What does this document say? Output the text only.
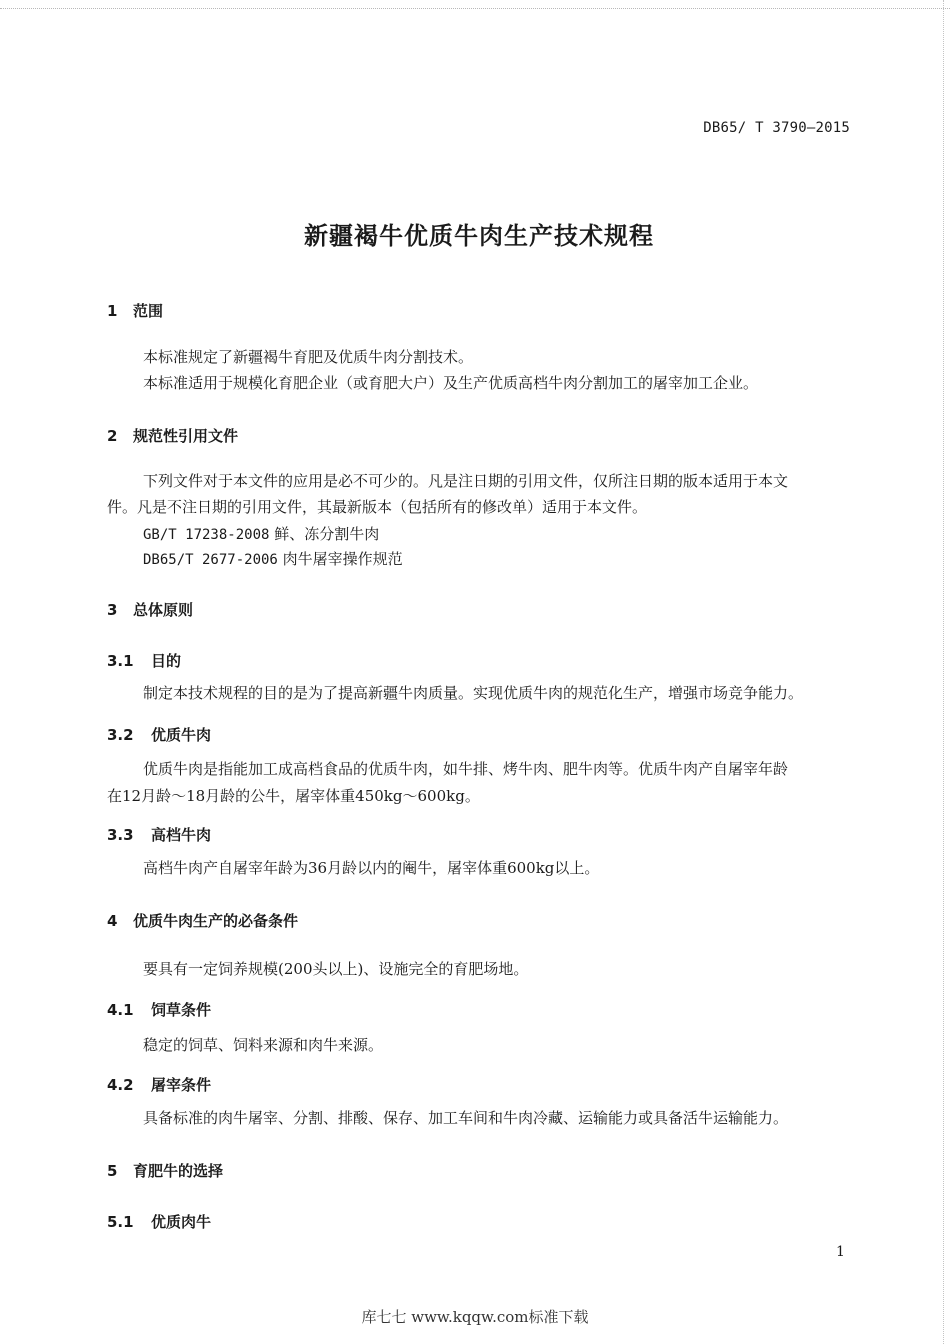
DB65/ T 3790—2015
新疆褐牛优质牛肉生产技术规程
1 范围
本标准规定了新疆褐牛育肥及优质牛肉分割技术。
本标准适用于规模化育肥企业（或育肥大户）及生产优质高档牛肉分割加工的屠宰加工企业。
2 规范性引用文件
下列文件对于本文件的应用是必不可少的。凡是注日期的引用文件，仅所注日期的版本适用于本文
件。凡是不注日期的引用文件，其最新版本（包括所有的修改单）适用于本文件。
GB/T 17238-2008 鲜、冻分割牛肉
DB65/T 2677-2006 肉牛屠宰操作规范
3 总体原则
3.1 目的
制定本技术规程的目的是为了提高新疆牛肉质量。实现优质牛肉的规范化生产，增强市场竞争能力。
3.2 优质牛肉
优质牛肉是指能加工成高档食品的优质牛肉，如牛排、烤牛肉、肥牛肉等。优质牛肉产自屠宰年龄
在12月龄～18月龄的公牛，屠宰体重450kg～600kg。
3.3 高档牛肉
高档牛肉产自屠宰年龄为36月龄以内的阉牛，屠宰体重600kg以上。
4 优质牛肉生产的必备条件
要具有一定饲养规模(200头以上)、设施完全的育肥场地。
4.1 饲草条件
稳定的饲草、饲料来源和肉牛来源。
4.2 屠宰条件
具备标准的肉牛屠宰、分割、排酸、保存、加工车间和牛肉冷藏、运输能力或具备活牛运输能力。
5 育肥牛的选择
5.1 优质肉牛
1
库七七 www.kqqw.com标准下载
